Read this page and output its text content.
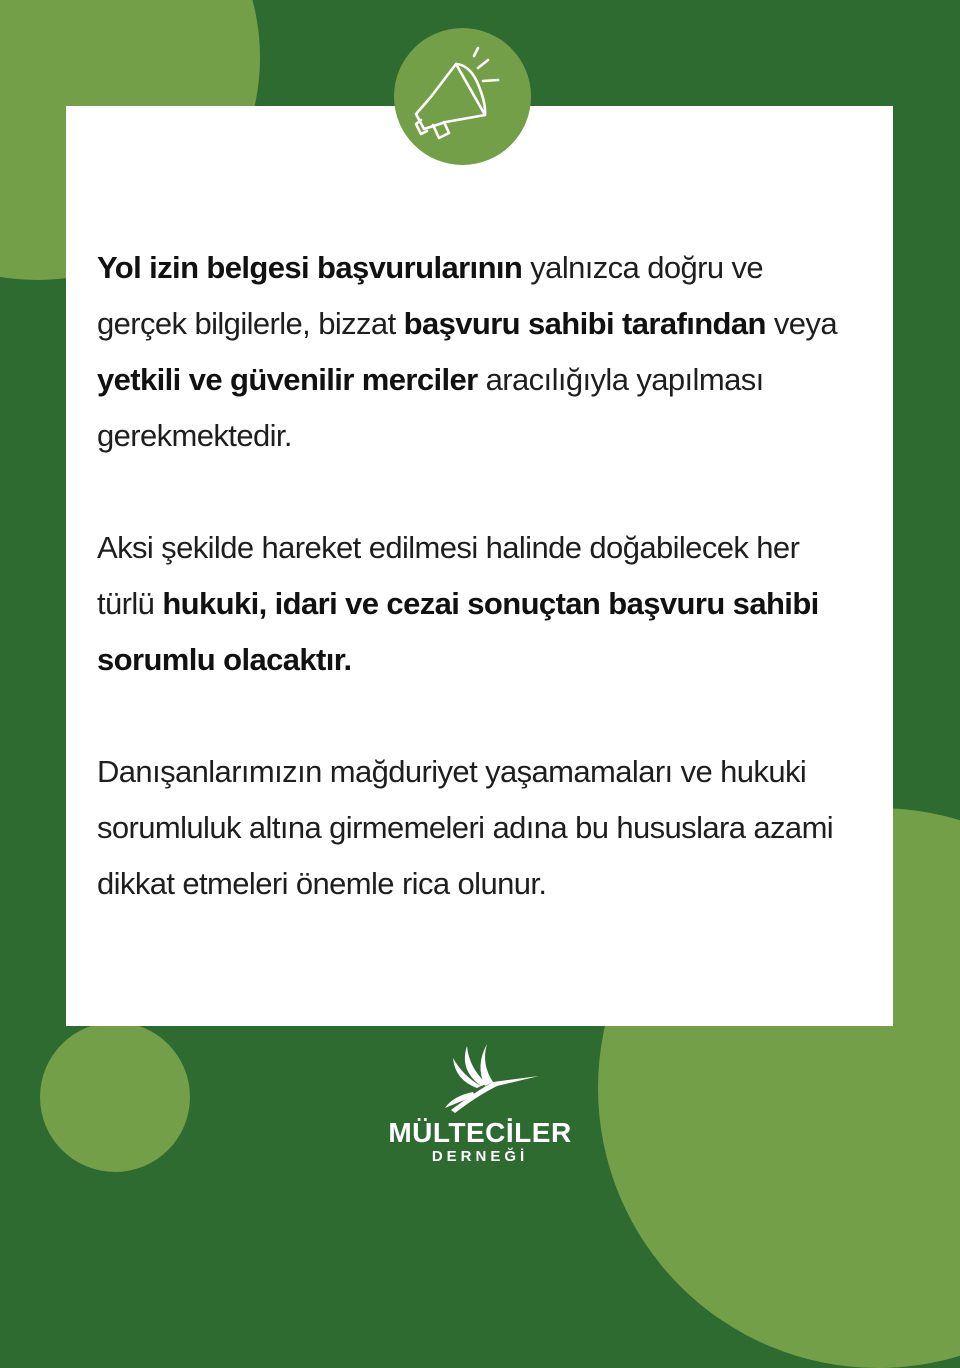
Yol izin belgesi başvurularının yalnızca doğru ve gerçek bilgilerle, bizzat başvuru sahibi tarafından veya yetkili ve güvenilir merciler aracılığıyla yapılması gerekmektedir.

Aksi şekilde hareket edilmesi halinde doğabilecek her türlü hukuki, idari ve cezai sonuçtan başvuru sahibi sorumlu olacaktır.

Danışanlarımızın mağduriyet yaşamamaları ve hukuki sorumluluk altına girmemeleri adına bu hususlara azami dikkat etmeleri önemle rica olunur.

MÜLTECİLER
DERNEĞİ
